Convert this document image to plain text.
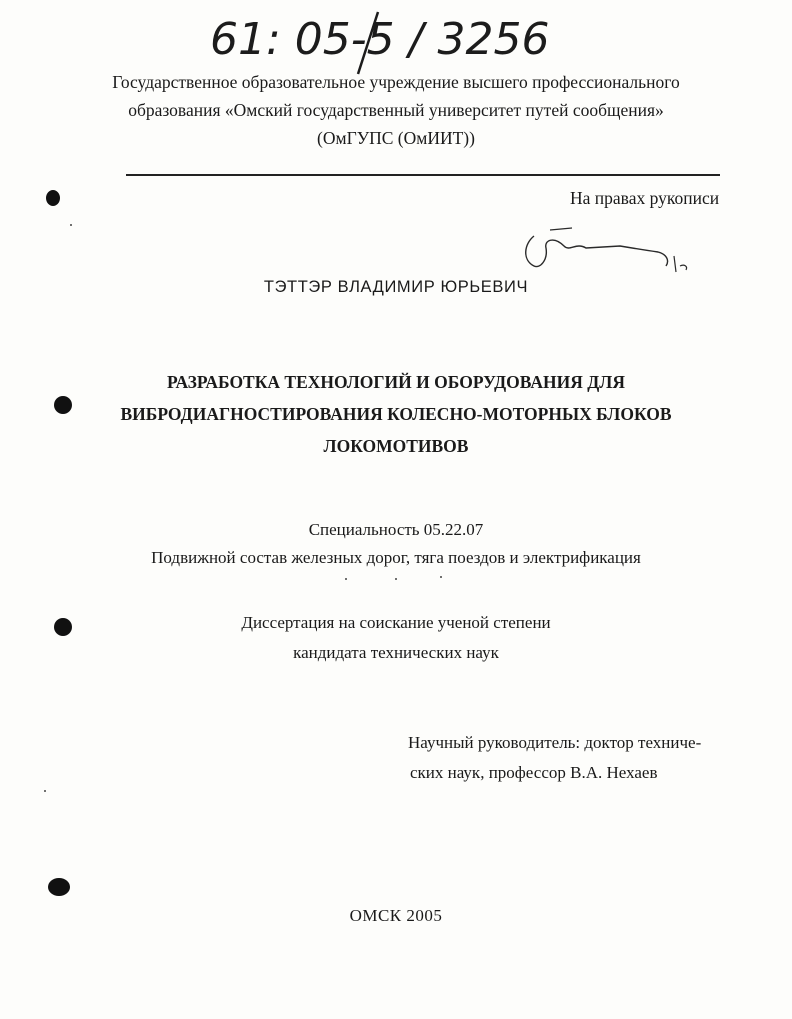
61: 05-5 / 3256
Государственное образовательное учреждение высшего профессионального
образования «Омский государственный университет путей сообщения»
(ОмГУПС (ОмИИТ))
На правах рукописи
ТЭТТЭР ВЛАДИМИР ЮРЬЕВИЧ
РАЗРАБОТКА ТЕХНОЛОГИЙ И ОБОРУДОВАНИЯ ДЛЯ
ВИБРОДИАГНОСТИРОВАНИЯ КОЛЕСНО-МОТОРНЫХ БЛОКОВ
ЛОКОМОТИВОВ
Специальность 05.22.07
Подвижной состав железных дорог, тяга поездов и электрификация
Диссертация на соискание ученой степени
кандидата технических наук
Научный руководитель: доктор техниче-
ских наук, профессор В.А. Нехаев
ОМСК 2005
